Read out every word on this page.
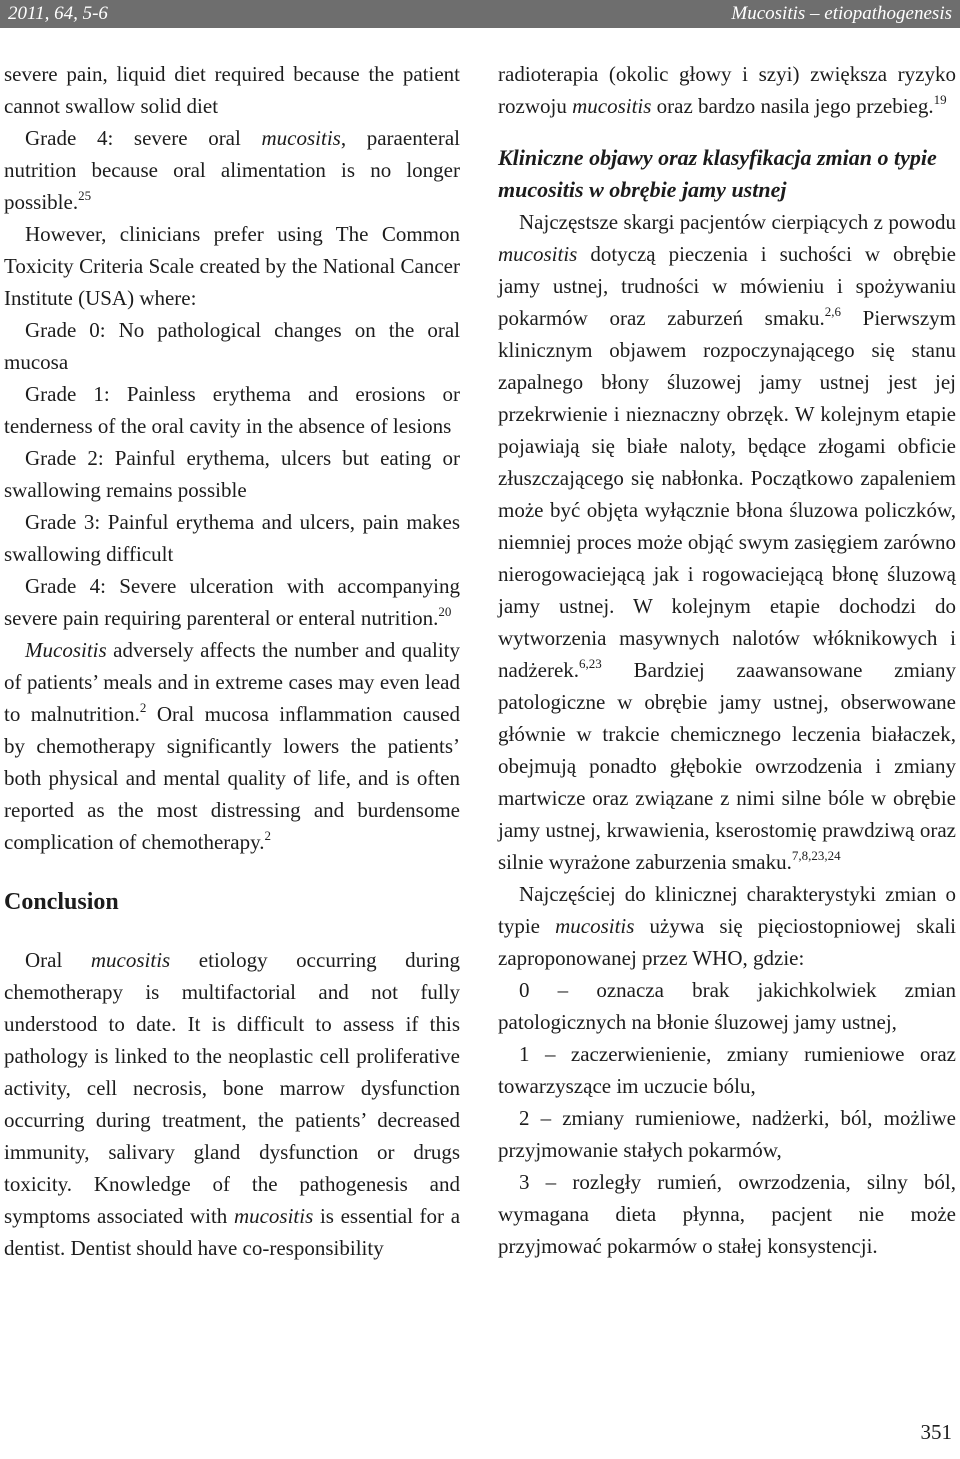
2011, 64, 5-6	Mucositis – etiopathogenesis

severe pain, liquid diet required because the patient cannot swallow solid diet

Grade 4: severe oral mucositis, paraenteral nutrition because oral alimentation is no longer possible.$^{25}$

However, clinicians prefer using The Common Toxicity Criteria Scale created by the National Cancer Institute (USA) where:

Grade 0: No pathological changes on the oral mucosa

Grade 1: Painless erythema and erosions or tenderness of the oral cavity in the absence of lesions

Grade 2: Painful erythema, ulcers but eating or swallowing remains possible

Grade 3: Painful erythema and ulcers, pain makes swallowing difficult

Grade 4: Severe ulceration with accompanying severe pain requiring parenteral or enteral nutrition.$^{20}$

Mucositis adversely affects the number and quality of patients’ meals and in extreme cases may even lead to malnutrition.$^2$ Oral mucosa inflammation caused by chemotherapy significantly lowers the patients’ both physical and mental quality of life, and is often reported as the most distressing and burdensome complication of chemotherapy.$^2$

Conclusion

Oral mucositis etiology occurring during chemotherapy is multifactorial and not fully understood to date. It is difficult to assess if this pathology is linked to the neoplastic cell proliferative activity, cell necrosis, bone marrow dysfunction occurring during treatment, the patients’ decreased immunity, salivary gland dysfunction or drugs toxicity. Knowledge of the pathogenesis and symptoms associated with mucositis is essential for a dentist. Dentist should have co-responsibility

radioterapia (okolic głowy i szyi) zwiększa ryzyko rozwoju mucositis oraz bardzo nasila jego przebieg.$^{19}$

Kliniczne objawy oraz klasyfikacja zmian o typie mucositis w obrębie jamy ustnej

Najczęstsze skargi pacjentów cierpiących z powodu mucositis dotyczą pieczenia i suchości w obrębie jamy ustnej, trudności w mówieniu i spożywaniu pokarmów oraz zaburzeń smaku.$^{2,6}$ Pierwszym klinicznym objawem rozpoczynającego się stanu zapalnego błony śluzowej jamy ustnej jest jej przekrwienie i nieznaczny obrzęk. W kolejnym etapie pojawiają się białe naloty, będące złogami obficie złuszczającego się nabłonka. Początkowo zapaleniem może być objęta wyłącznie błona śluzowa policzków, niemniej proces może objąć swym zasięgiem zarówno nierogowaciejącą jak i rogowaciejącą błonę śluzową jamy ustnej. W kolejnym etapie dochodzi do wytworzenia masywnych nalotów włóknikowych i nadżerek.$^{6,23}$ Bardziej zaawansowane zmiany patologiczne w obrębie jamy ustnej, obserwowane głównie w trakcie chemicznego leczenia białaczek, obejmują ponadto głębokie owrzodzenia i zmiany martwicze oraz związane z nimi silne bóle w obrębie jamy ustnej, krwawienia, kserostomię prawdziwą oraz silnie wyrażone zaburzenia smaku.$^{7,8,23,24}$

Najczęściej do klinicznej charakterystyki zmian o typie mucositis używa się pięciostopniowej skali zaproponowanej przez WHO, gdzie:

0 – oznacza brak jakichkolwiek zmian patologicznych na błonie śluzowej jamy ustnej,

1 – zaczerwienienie, zmiany rumieniowe oraz towarzyszące im uczucie bólu,

2 – zmiany rumieniowe, nadżerki, ból, możliwe przyjmowanie stałych pokarmów,

3 – rozległy rumień, owrzodzenia, silny ból, wymagana dieta płynna, pacjent nie może przyjmować pokarmów o stałej konsystencji.

351
